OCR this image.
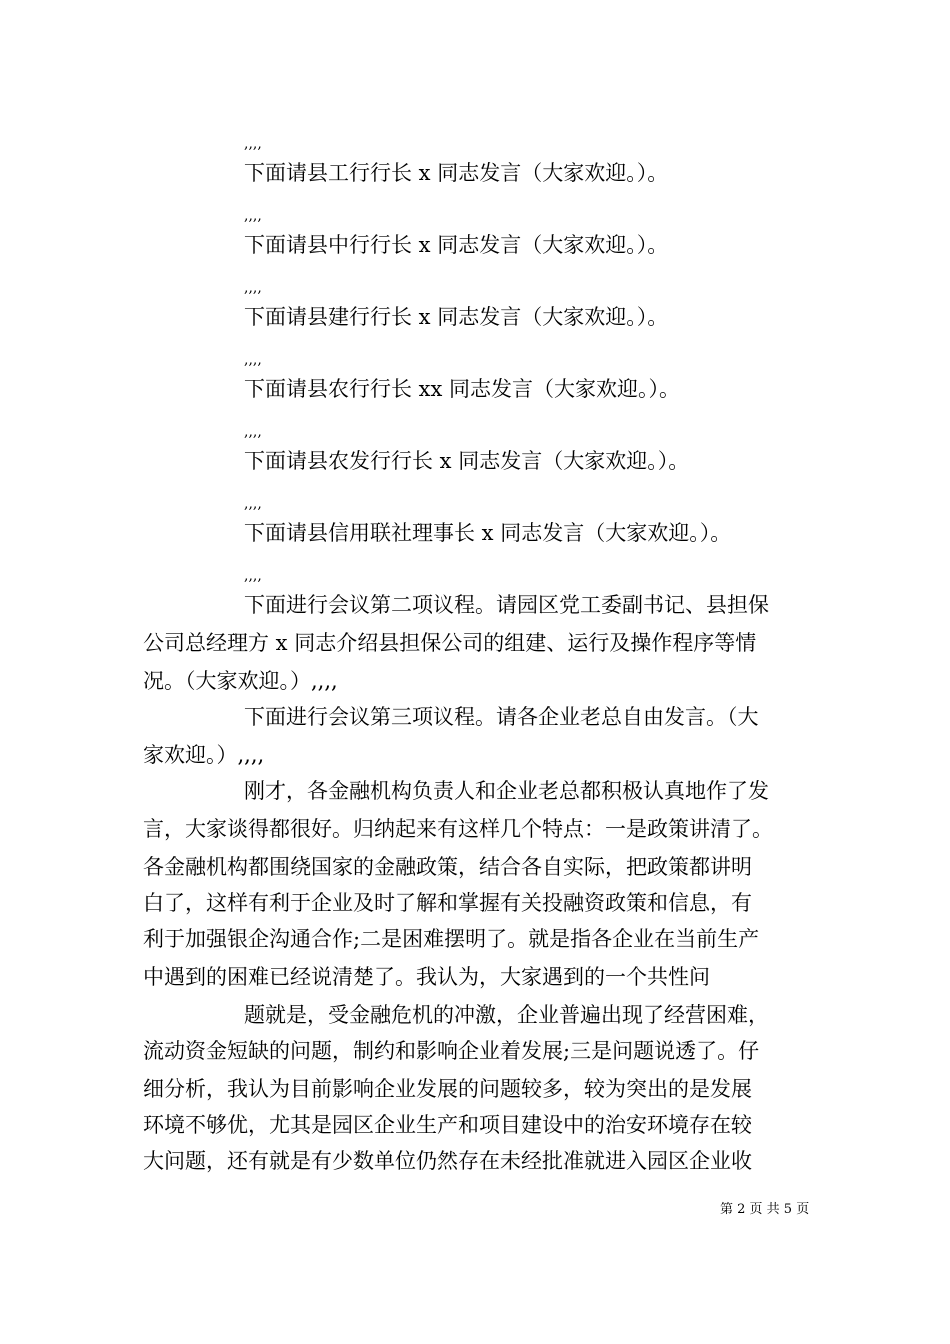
,,,,
下面请县工行行长 x 同志发言（大家欢迎。）。
,,,,
下面请县中行行长 x 同志发言（大家欢迎。）。
,,,,
下面请县建行行长 x 同志发言（大家欢迎。）。
,,,,
下面请县农行行长 xx 同志发言（大家欢迎。）。
,,,,
下面请县农发行行长 x 同志发言（大家欢迎。）。
,,,,
下面请县信用联社理事长 x 同志发言（大家欢迎。）。
,,,,
下面进行会议第二项议程。请园区党工委副书记、县担保
公司总经理方 x 同志介绍县担保公司的组建、运行及操作程序等情
况。（大家欢迎。）,,,,
下面进行会议第三项议程。请各企业老总自由发言。（大
家欢迎。）,,,,
刚才，各金融机构负责人和企业老总都积极认真地作了发
言，大家谈得都很好。归纳起来有这样几个特点：一是政策讲清了。
各金融机构都围绕国家的金融政策，结合各自实际，把政策都讲明
白了，这样有利于企业及时了解和掌握有关投融资政策和信息，有
利于加强银企沟通合作;二是困难摆明了。就是指各企业在当前生产
中遇到的困难已经说清楚了。我认为，大家遇到的一个共性问
题就是，受金融危机的冲激，企业普遍出现了经营困难，
流动资金短缺的问题，制约和影响企业着发展;三是问题说透了。仔
细分析，我认为目前影响企业发展的问题较多，较为突出的是发展
环境不够优，尤其是园区企业生产和项目建设中的治安环境存在较
大问题，还有就是有少数单位仍然存在未经批准就进入园区企业收
第 2 页 共 5 页
